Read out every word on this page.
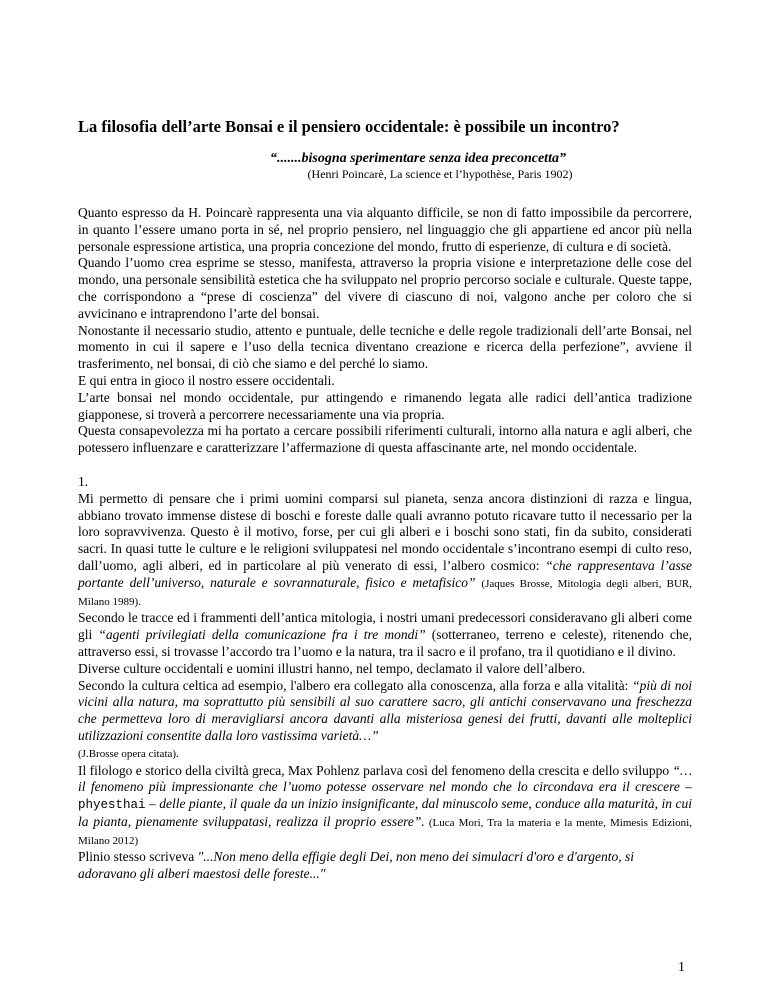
La filosofia dell’arte Bonsai e il pensiero occidentale: è possibile un incontro?
“.......bisogna sperimentare senza idea preconcetta”
(Henri Poincarè, La science et l’hypothèse, Paris 1902)

Quanto espresso da H. Poincarè rappresenta una via alquanto difficile, se non di fatto impossibile da percorrere, in quanto l’essere umano porta in sé, nel proprio pensiero, nel linguaggio che gli appartiene ed ancor più nella personale espressione artistica, una propria concezione del mondo, frutto di esperienze, di cultura e di società.

Quando l’uomo crea esprime se stesso, manifesta, attraverso la propria visione e interpretazione delle cose del mondo, una personale sensibilità estetica che ha sviluppato nel proprio percorso sociale e culturale. Queste tappe, che corrispondono a “prese di coscienza” del vivere di ciascuno di noi, valgono anche per coloro che si avvicinano e intraprendono l’arte del bonsai.

Nonostante il necessario studio, attento e puntuale, delle tecniche e delle regole tradizionali dell’arte Bonsai, nel momento in cui il sapere e l’uso della tecnica diventano creazione e ricerca della perfezione”, avviene il trasferimento, nel bonsai, di ciò che siamo e del perché lo siamo.

E qui entra in gioco il nostro essere occidentali.

L’arte bonsai nel mondo occidentale, pur attingendo e rimanendo legata alle radici dell’antica tradizione giapponese, si troverà a percorrere necessariamente una via propria.

Questa consapevolezza mi ha portato a cercare possibili riferimenti culturali, intorno alla natura e agli alberi, che potessero influenzare e caratterizzare l’affermazione di questa affascinante arte, nel mondo occidentale.

1.

Mi permetto di pensare che i primi uomini comparsi sul pianeta, senza ancora distinzioni di razza e lingua, abbiano trovato immense distese di boschi e foreste dalle quali avranno potuto ricavare tutto il necessario per la loro sopravvivenza. Questo è il motivo, forse, per cui gli alberi e i boschi sono stati, fin da subito, considerati sacri. In quasi tutte le culture e le religioni sviluppatesi nel mondo occidentale s’incontrano esempi di culto reso, dall’uomo, agli alberi, ed in particolare al più venerato di essi, l’albero cosmico: “che rappresentava l’asse portante dell’universo, naturale e sovrannaturale, fisico e metafisico” (Jaques Brosse, Mitologia degli alberi, BUR, Milano 1989).

Secondo le tracce ed i frammenti dell’antica mitologia, i nostri umani predecessori consideravano gli alberi come gli “agenti privilegiati della comunicazione fra i tre mondi” (sotterraneo, terreno e celeste), ritenendo che, attraverso essi, si trovasse l’accordo tra l’uomo e la natura, tra il sacro e il profano, tra il quotidiano e il divino.

Diverse culture occidentali e uomini illustri hanno, nel tempo, declamato il valore dell’albero.

Secondo la cultura celtica ad esempio, l'albero era collegato alla conoscenza, alla forza e alla vitalità: “più di noi vicini alla natura, ma soprattutto più sensibili al suo carattere sacro, gli antichi conservavano una freschezza che permetteva loro di meravigliarsi ancora davanti alla misteriosa genesi dei frutti, davanti alle molteplici utilizzazioni consentite dalla loro vastissima varietà…”
(J.Brosse opera citata).

Il filologo e storico della civiltà greca, Max Pohlenz parlava così del fenomeno della crescita e dello sviluppo “…il fenomeno più impressionante che l’uomo potesse osservare nel mondo che lo circondava era il crescere – phyesthai – delle piante, il quale da un inizio insignificante, dal minuscolo seme, conduce alla maturità, in cui la pianta, pienamente sviluppatasi, realizza il proprio essere”. (Luca Mori, Tra la materia e la mente, Mimesis Edizioni, Milano 2012)

Plinio stesso scriveva "...Non meno della effigie degli Dei, non meno dei simulacri d'oro e d'argento, si adoravano gli alberi maestosi delle foreste..."

1
